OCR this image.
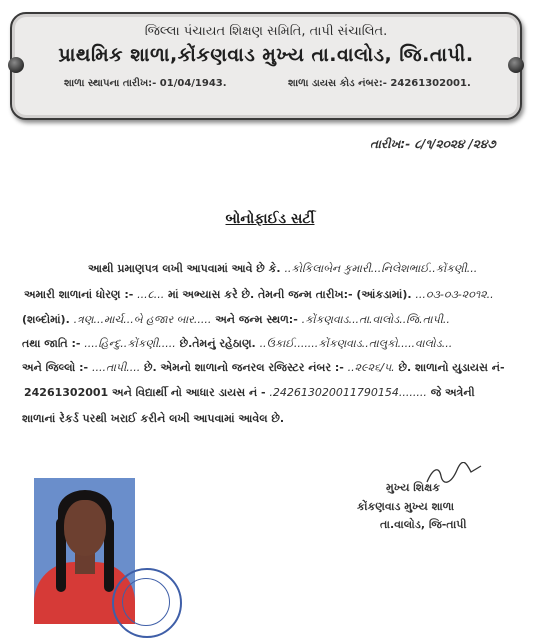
જિલ્લા પંચાયત શિક્ષણ સમિતિ, તાપી સંચાલિત.
પ્રાથમિક શાળા,કોંકણવાડ મુખ્ય તા.વાલોડ, જિ.તાપી.
શાળા સ્થાપના તારીખ:- 01/04/1943.	શાળા ડાયસ કોડ નંબર:- 24261302001.
તારીખ:- ૮/૧/૨૦૨૪ /૨૪૭
બોનોફાઈડ સર્ટી
આથી પ્રમાણપત્ર લખી આપવામાં આવે છે કે. ..કોકિલાબેન કુમારી...નિલેશભાઈ..કોંકણી...
અમારી શાળાનાં ધોરણ :- ...૮... માં અભ્યાસ કરે છે. તેમની જન્મ તારીખ:- (આંકડામાં). ...૦૩-૦૩-૨૦૧૨..
(શબ્દોમાં). .ત્રણ...માર્ચ...બે હજાર બાર..... અને જન્મ સ્થળ:- .કોંકણવાડ...તા.વાલોડ..જિ.તાપી..
તથા જાતિ :- ....હિન્દુ..કોંકણી..... છે.તેમનું રહેઠાણ. ..ઉકાઈ.......કોંકણવાડ..તાલુકો.....વાલોડ...
અને જિલ્લો :- ....તાપી.... છે. એમનો શાળાનો જનરલ રજિસ્ટર નંબર :- ..૨૯૨૬/૫. છે. શાળાનો યુડાયસ નં-
24261302001 અને વિદ્યાર્થી નો આધાર ડાયસ નં - .242613020011790154........ જે અત્રેની
શાળાનાં રેકર્ડ પરથી ખરાઈ કરીને લખી આપવામાં આવેલ છે.
મુખ્ય શિક્ષક
કોંકણવાડ મુખ્ય શાળા
તા.વાલોડ, જિ-તાપી
